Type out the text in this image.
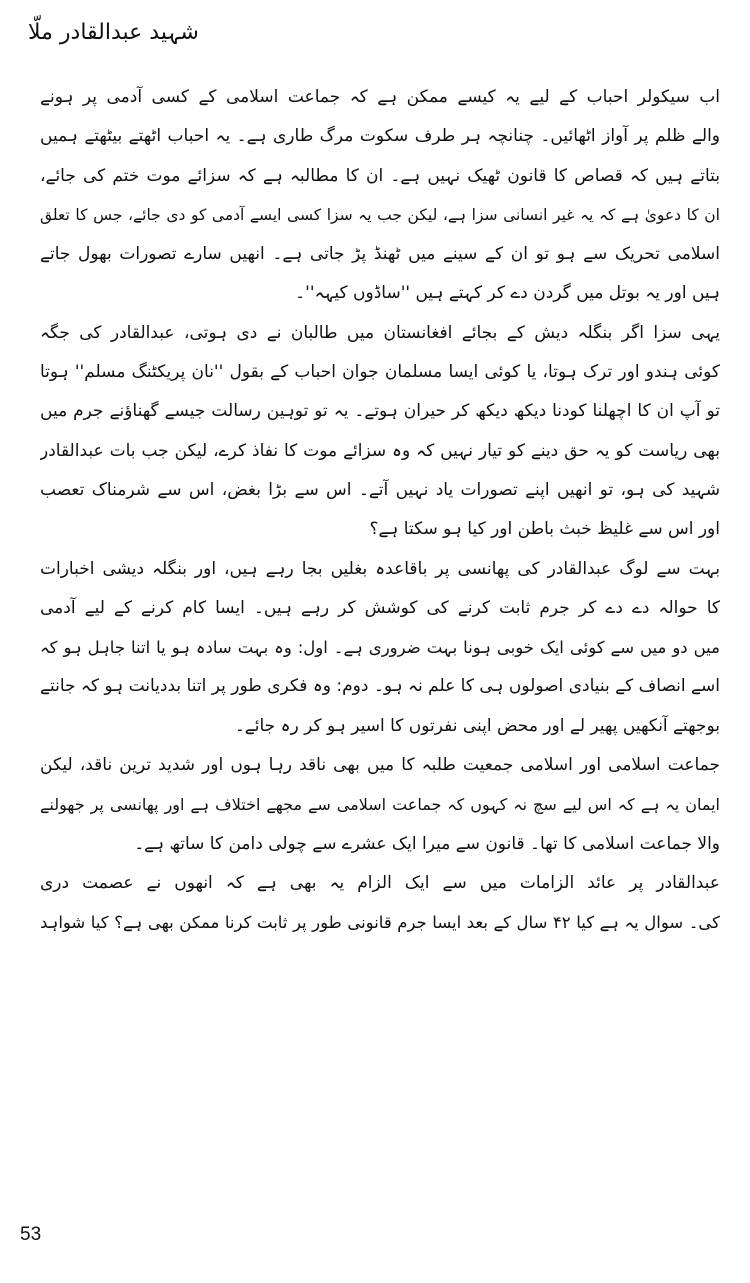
شہید عبدالقادر ملّا
اب سیکولر احباب کے لیے یہ کیسے ممکن ہے کہ جماعت اسلامی کے کسی آدمی پر ہونے
والے ظلم پر آواز اٹھائیں۔ چنانچہ ہر طرف سکوت مرگ طاری ہے۔ یہ احباب اٹھتے بیٹھتے ہمیں
بتاتے ہیں کہ قصاص کا قانون ٹھیک نہیں ہے۔ ان کا مطالبہ ہے کہ سزائے موت ختم کی جائے،
ان کا دعویٰ ہے کہ یہ غیر انسانی سزا ہے، لیکن جب یہ سزا کسی ایسے آدمی کو دی جائے، جس کا تعلق
اسلامی تحریک سے ہو تو ان کے سینے میں ٹھنڈ پڑ جاتی ہے۔ انھیں سارے تصورات بھول جاتے
ہیں اور یہ بوتل میں گردن دے کر کہتے ہیں ''ساڈوں کیہہ''۔
یہی سزا اگر بنگلہ دیش کے بجائے افغانستان میں طالبان نے دی ہوتی، عبدالقادر کی جگہ
کوئی ہندو اور ترک ہوتا، یا کوئی ایسا مسلمان جوان احباب کے بقول ''نان پریکٹنگ مسلم'' ہوتا
تو آپ ان کا اچھلنا کودنا دیکھ دیکھ کر حیران ہوتے۔ یہ تو توہین رسالت جیسے گھناؤنے جرم میں
بھی ریاست کو یہ حق دینے کو تیار نہیں کہ وہ سزائے موت کا نفاذ کرے، لیکن جب بات عبدالقادر
شہید کی ہو، تو انھیں اپنے تصورات یاد نہیں آتے۔ اس سے بڑا بغض، اس سے شرمناک تعصب
اور اس سے غلیظ خبث باطن اور کیا ہو سکتا ہے؟
بہت سے لوگ عبدالقادر کی پھانسی پر باقاعدہ بغلیں بجا رہے ہیں، اور بنگلہ دیشی اخبارات
کا حوالہ دے دے کر جرم ثابت کرنے کی کوشش کر رہے ہیں۔ ایسا کام کرنے کے لیے آدمی
میں دو میں سے کوئی ایک خوبی ہونا بہت ضروری ہے۔ اول: وہ بہت سادہ ہو یا اتنا جاہل ہو کہ
اسے انصاف کے بنیادی اصولوں ہی کا علم نہ ہو۔ دوم: وہ فکری طور پر اتنا بددیانت ہو کہ جانتے
بوجھتے آنکھیں پھیر لے اور محض اپنی نفرتوں کا اسیر ہو کر رہ جائے۔
جماعت اسلامی اور اسلامی جمعیت طلبہ کا میں بھی ناقد رہا ہوں اور شدید ترین ناقد، لیکن
ایمان یہ ہے کہ اس لیے سچ نہ کہوں کہ جماعت اسلامی سے مجھے اختلاف ہے اور پھانسی پر جھولنے
والا جماعت اسلامی کا تھا۔ قانون سے میرا ایک عشرے سے چولی دامن کا ساتھ ہے۔
عبدالقادر پر عائد الزامات میں سے ایک الزام یہ بھی ہے کہ انھوں نے عصمت دری
کی۔ سوال یہ ہے کیا ۴۲ سال کے بعد ایسا جرم قانونی طور پر ثابت کرنا ممکن بھی ہے؟ کیا شواہد
53
